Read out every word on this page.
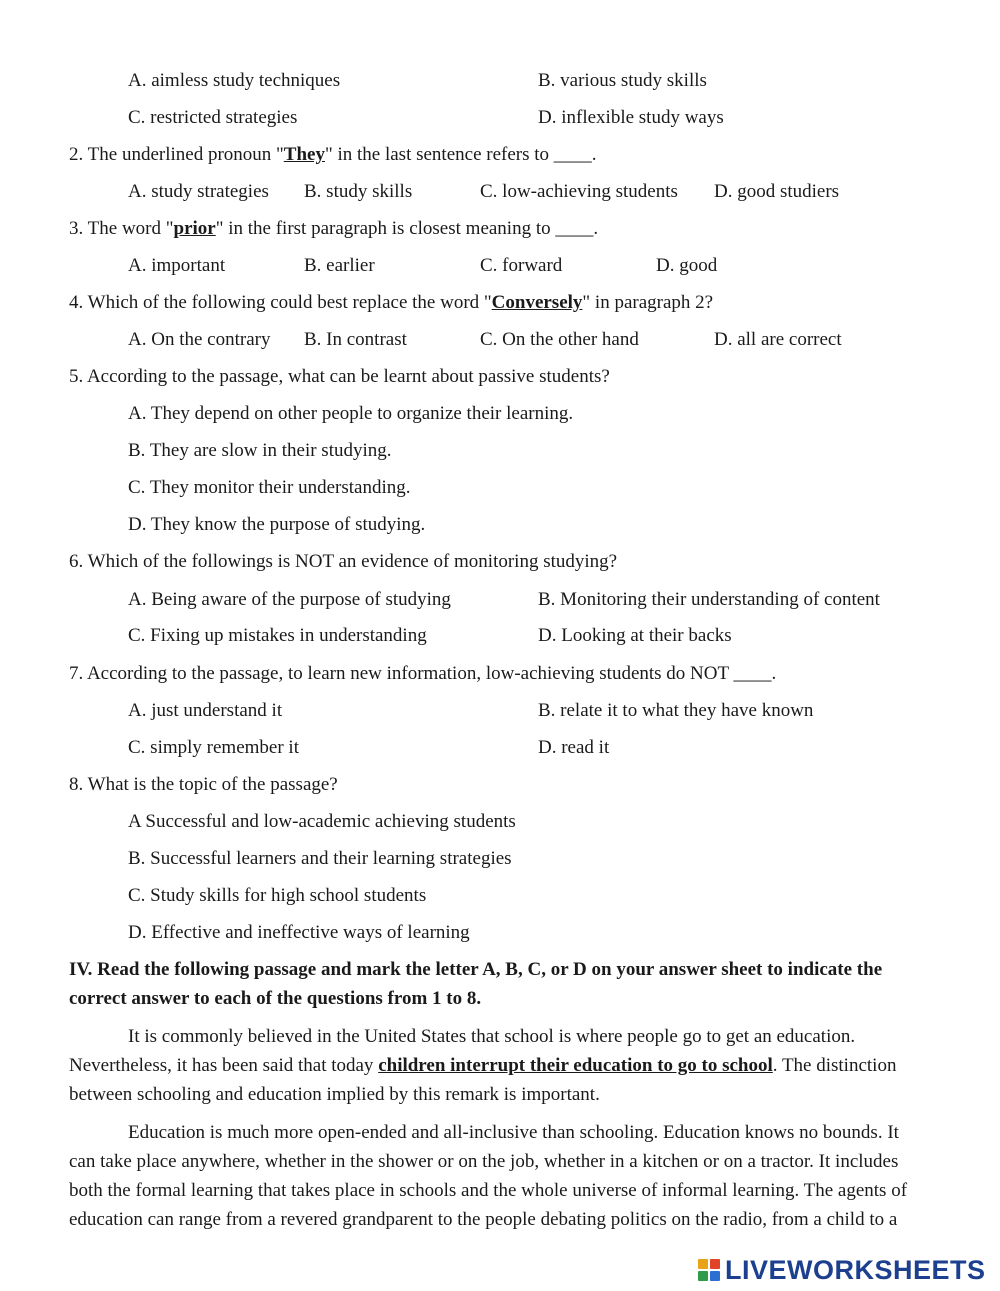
A. aimless study techniques	B. various study skills
C. restricted strategies	D. inflexible study ways
2. The underlined pronoun "They" in the last sentence refers to ____.
A. study strategies B. study skills	C. low-achieving students D. good studiers
3. The word "prior" in the first paragraph is closest meaning to ____.
A. important	B. earlier	C. forward	D. good
4. Which of the following could best replace the word "Conversely" in paragraph 2?
A. On the contrary B. In contrast	C. On the other hand	D. all are correct
5. According to the passage, what can be learnt about passive students?
A. They depend on other people to organize their learning.
B. They are slow in their studying.
C. They monitor their understanding.
D. They know the purpose of studying.
6. Which of the followings is NOT an evidence of monitoring studying?
A. Being aware of the purpose of studying	B. Monitoring their understanding of content
C. Fixing up mistakes in understanding	D. Looking at their backs
7. According to the passage, to learn new information, low-achieving students do NOT ____.
A. just understand it	B. relate it to what they have known
C. simply remember it	D. read it
8. What is the topic of the passage?
A Successful and low-academic achieving students
B. Successful learners and their learning strategies
C. Study skills for high school students
D. Effective and ineffective ways of learning
IV. Read the following passage and mark the letter A, B, C, or D on your answer sheet to indicate the
correct answer to each of the questions from 1 to 8.
It is commonly believed in the United States that school is where people go to get an education.
Nevertheless, it has been said that today children interrupt their education to go to school. The distinction
between schooling and education implied by this remark is important.
Education is much more open-ended and all-inclusive than schooling. Education knows no bounds. It
can take place anywhere, whether in the shower or on the job, whether in a kitchen or on a tractor. It includes
both the formal learning that takes place in schools and the whole universe of informal learning. The agents of
education can range from a revered grandparent to the people debating politics on the radio, from a child to a
LIVEWORKSHEETS
